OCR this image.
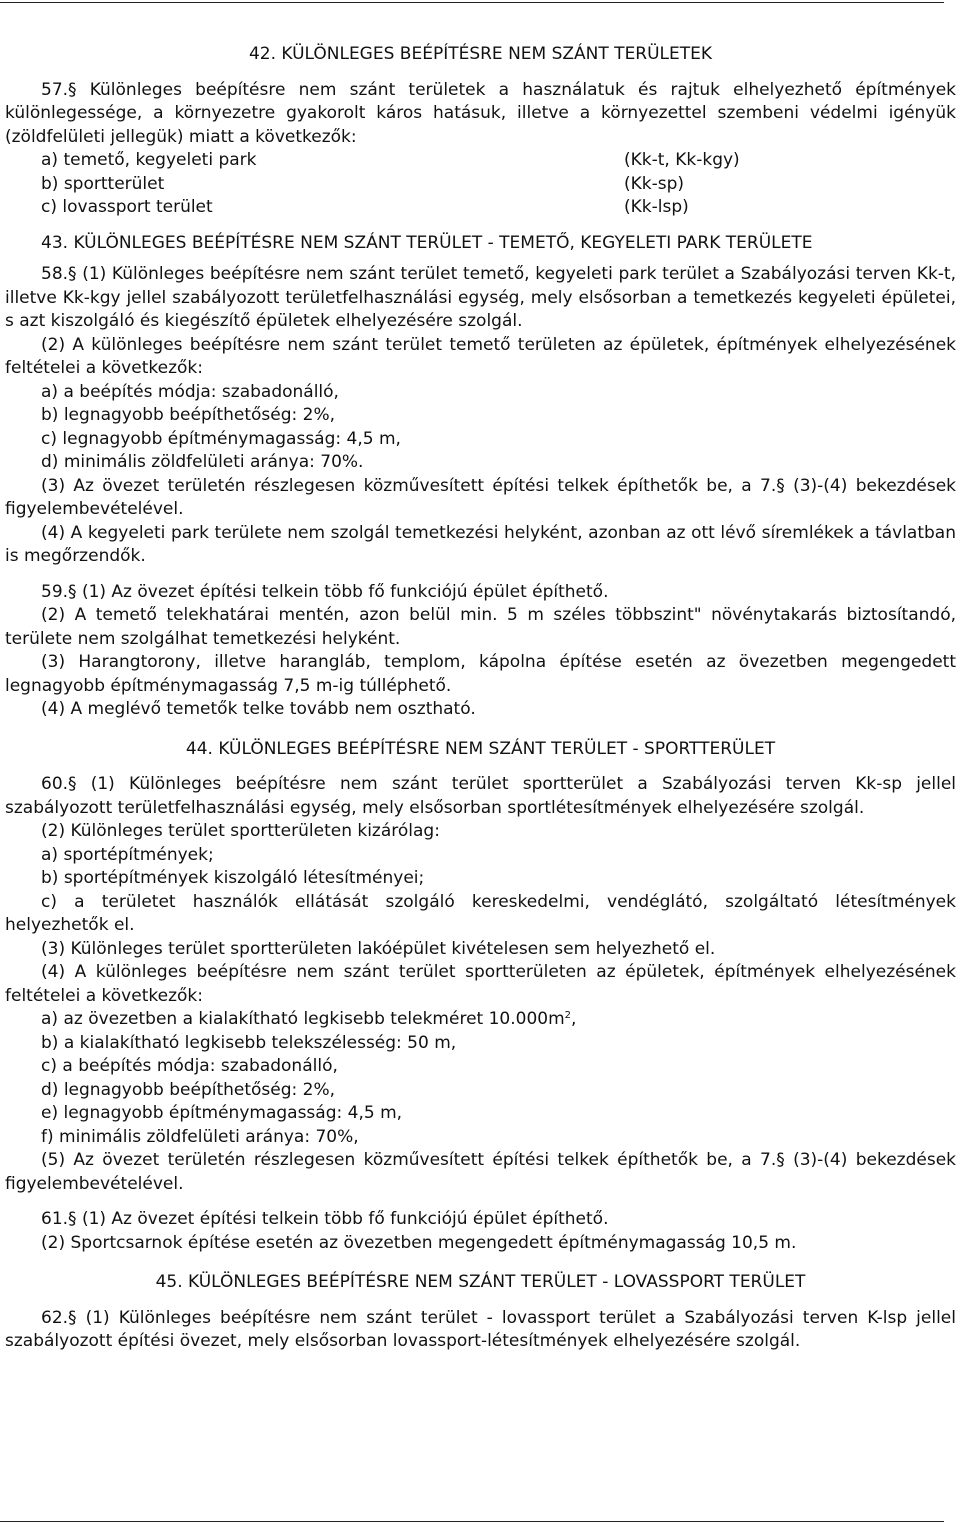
42. KÜLÖNLEGES BEÉPÍTÉSRE NEM SZÁNT TERÜLETEK

57.§ Különleges beépítésre nem szánt területek a használatuk és rajtuk elhelyezhető építmények különlegessége, a környezetre gyakorolt káros hatásuk, illetve a környezettel szembeni védelmi igényük (zöldfelületi jellegük) miatt a következők:

a) temető, kegyeleti park	(Kk-t, Kk-kgy)
b) sportterület	(Kk-sp)
c) lovassport terület	(Kk-lsp)

43. KÜLÖNLEGES BEÉPÍTÉSRE NEM SZÁNT TERÜLET - TEMETŐ, KEGYELETI PARK TERÜLETE

58.§ (1) Különleges beépítésre nem szánt terület temető, kegyeleti park terület a Szabályozási terven Kk-t, illetve Kk-kgy jellel szabályozott területfelhasználási egység, mely elsősorban a temetkezés kegyeleti épületei, s azt kiszolgáló és kiegészítő épületek elhelyezésére szolgál.

(2) A különleges beépítésre nem szánt terület temető területen az épületek, építmények elhelyezésének feltételei a következők:

a) a beépítés módja: szabadonálló,

b) legnagyobb beépíthetőség: 2%,

c) legnagyobb építménymagasság: 4,5 m,

d) minimális zöldfelületi aránya: 70%.

(3) Az övezet területén részlegesen közművesített építési telkek építhetők be, a 7.§ (3)-(4) bekezdések figyelembevételével.

(4) A kegyeleti park területe nem szolgál temetkezési helyként, azonban az ott lévő síremlékek a távlatban is megőrzendők.

59.§ (1) Az övezet építési telkein több fő funkciójú épület építhető.

(2) A temető telekhatárai mentén, azon belül min. 5 m széles többszint" növénytakarás biztosítandó, területe nem szolgálhat temetkezési helyként.

(3) Harangtorony, illetve harangláb, templom, kápolna építése esetén az övezetben megengedett legnagyobb építménymagasság 7,5 m-ig túlléphető.

(4) A meglévő temetők telke tovább nem osztható.

44. KÜLÖNLEGES BEÉPÍTÉSRE NEM SZÁNT TERÜLET - SPORTTERÜLET

60.§ (1) Különleges beépítésre nem szánt terület sportterület a Szabályozási terven Kk-sp jellel szabályozott területfelhasználási egység, mely elsősorban sportlétesítmények elhelyezésére szolgál.

(2) Különleges terület sportterületen kizárólag:

a) sportépítmények;

b) sportépítmények kiszolgáló létesítményei;

c) a területet használók ellátását szolgáló kereskedelmi, vendéglátó, szolgáltató létesítmények helyezhetők el.

(3) Különleges terület sportterületen lakóépület kivételesen sem helyezhető el.

(4) A különleges beépítésre nem szánt terület sportterületen az épületek, építmények elhelyezésének feltételei a következők:

a) az övezetben a kialakítható legkisebb telekméret $10.000m^2$,

b) a kialakítható legkisebb telekszélesség: 50 m,

c) a beépítés módja: szabadonálló,

d) legnagyobb beépíthetőség: 2%,

e) legnagyobb építménymagasság: 4,5 m,

f) minimális zöldfelületi aránya: 70%,

(5) Az övezet területén részlegesen közművesített építési telkek építhetők be, a 7.§ (3)-(4) bekezdések figyelembevételével.

61.§ (1) Az övezet építési telkein több fő funkciójú épület építhető.

(2) Sportcsarnok építése esetén az övezetben megengedett építménymagasság 10,5 m.

45. KÜLÖNLEGES BEÉPÍTÉSRE NEM SZÁNT TERÜLET - LOVASSPORT TERÜLET

62.§ (1) Különleges beépítésre nem szánt terület - lovassport terület a Szabályozási terven K-lsp jellel szabályozott építési övezet, mely elsősorban lovassport-létesítmények elhelyezésére szolgál.
